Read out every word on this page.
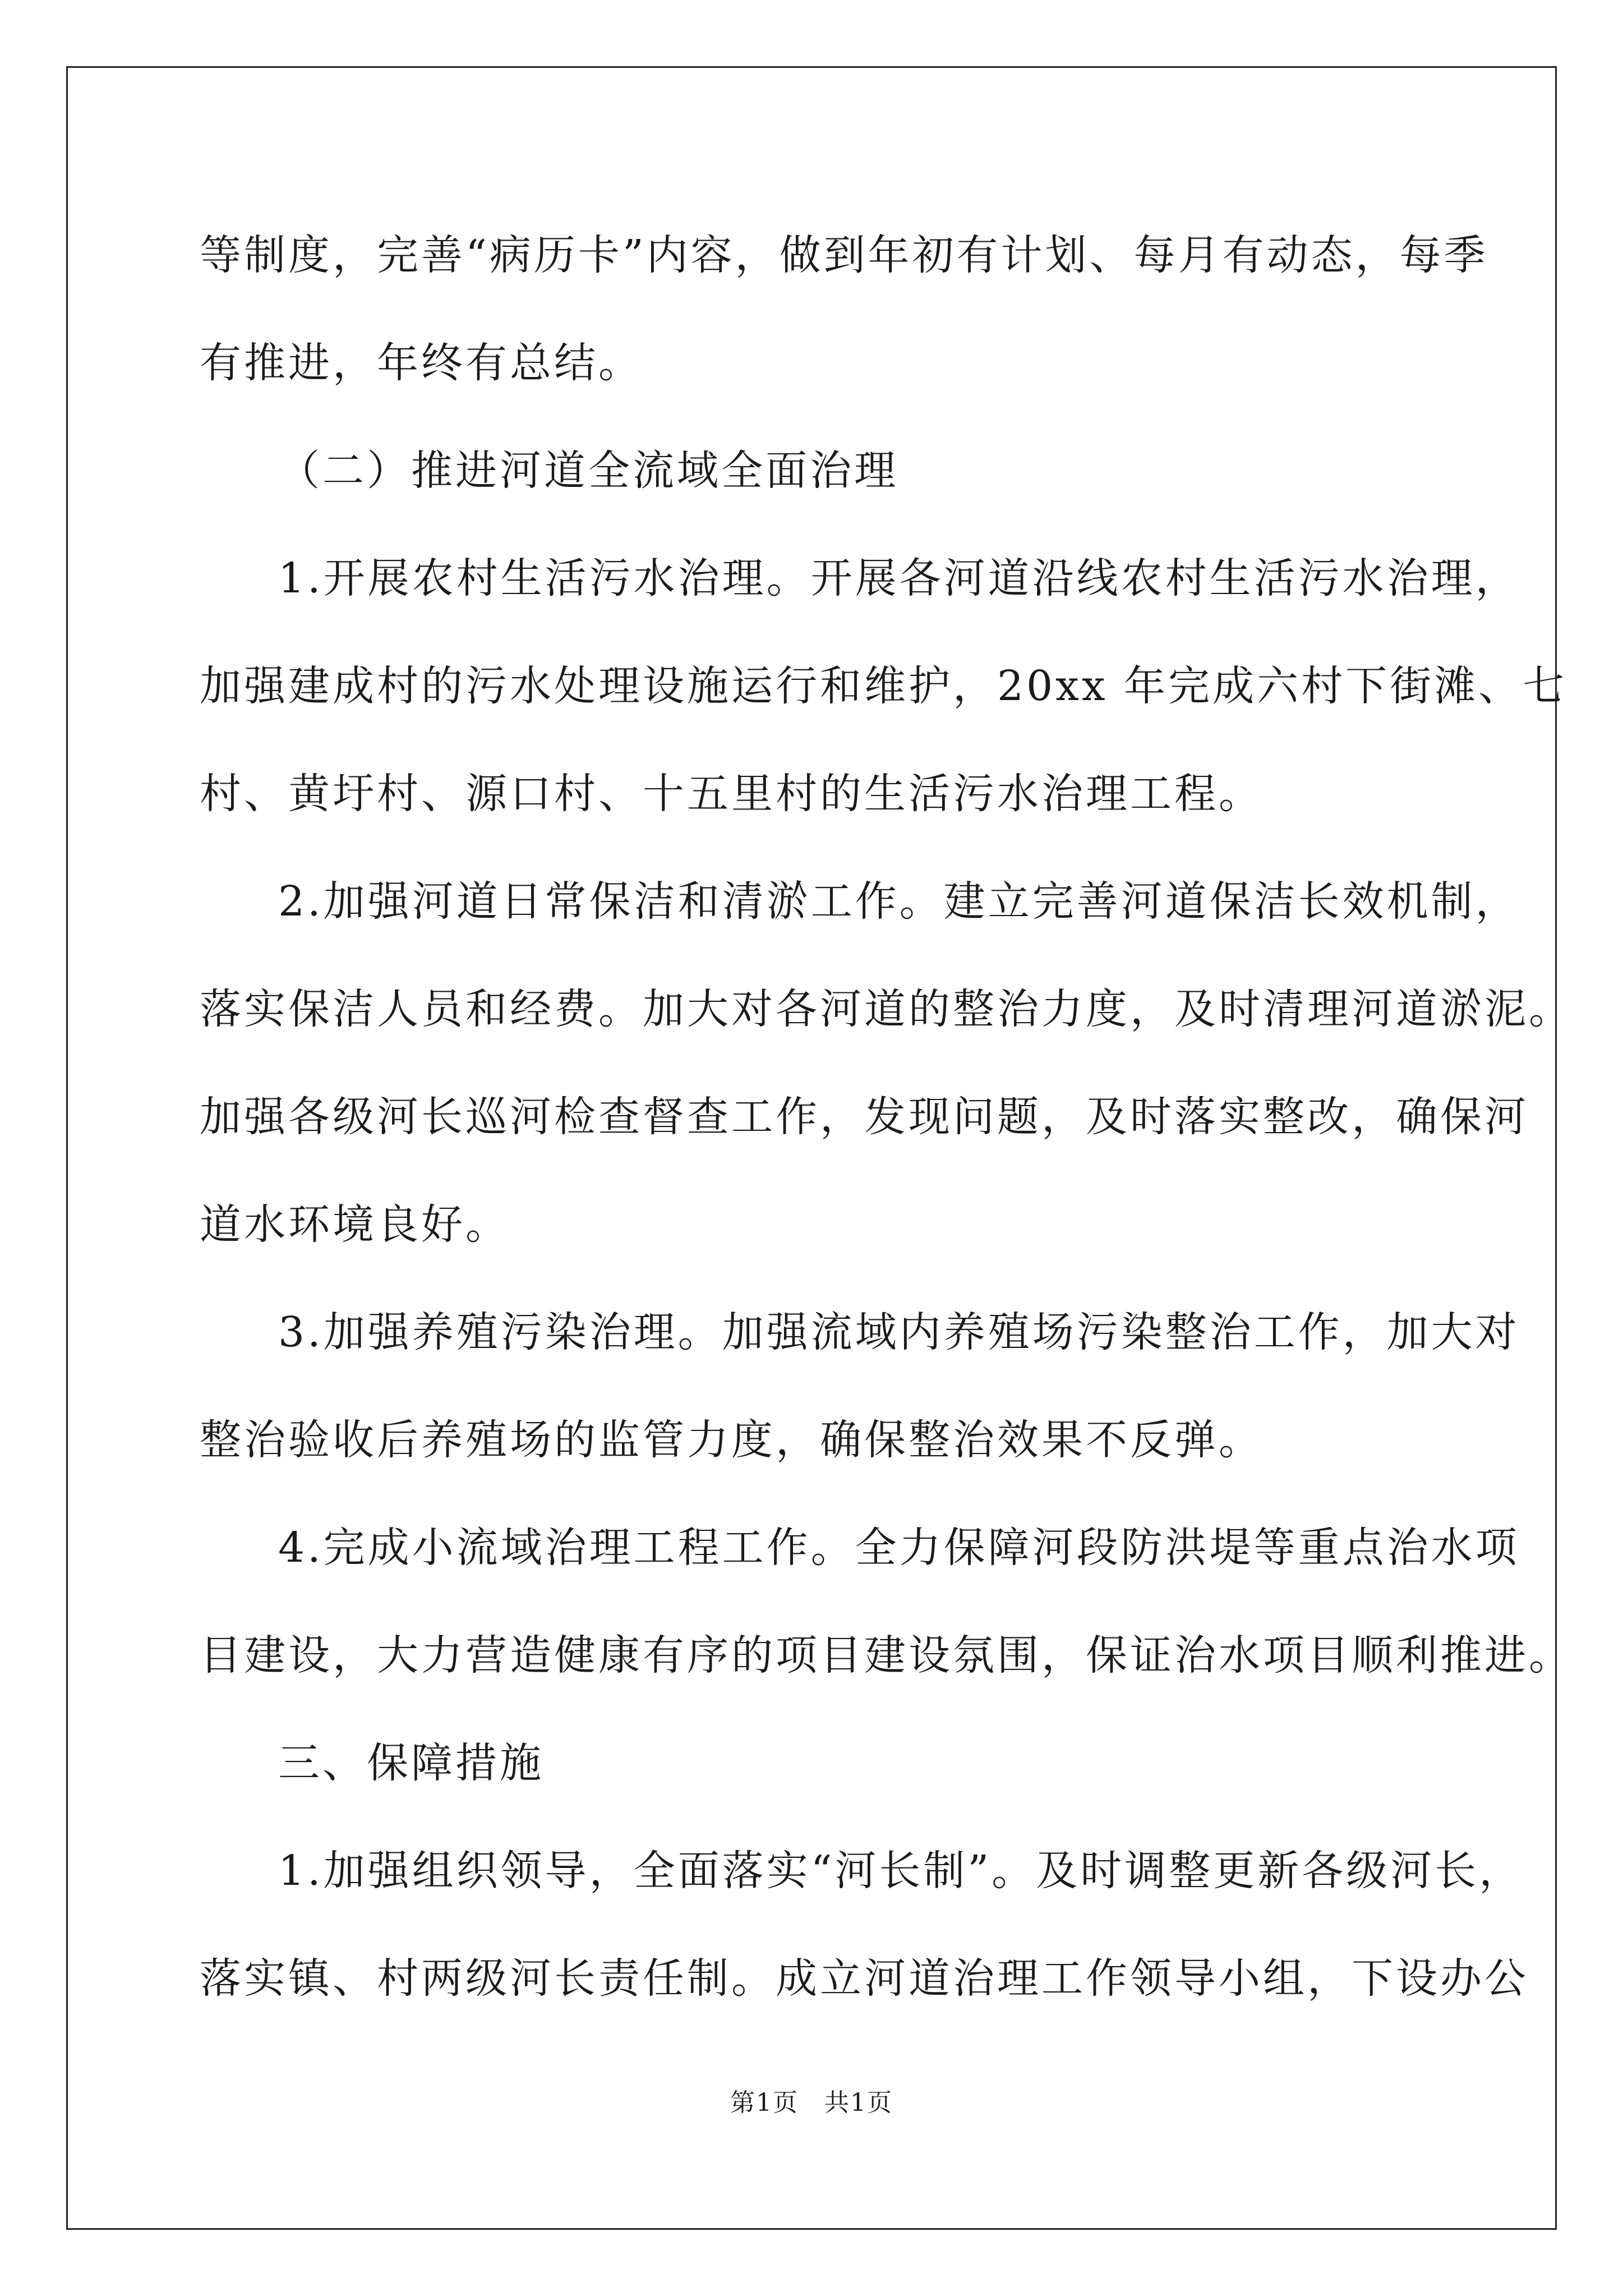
等制度，完善“病历卡”内容，做到年初有计划、每月有动态，每季
有推进，年终有总结。
（二）推进河道全流域全面治理
1.开展农村生活污水治理。开展各河道沿线农村生活污水治理，
加强建成村的污水处理设施运行和维护，20xx 年完成六村下街滩、七
村、黄圩村、源口村、十五里村的生活污水治理工程。
2.加强河道日常保洁和清淤工作。建立完善河道保洁长效机制，
落实保洁人员和经费。加大对各河道的整治力度，及时清理河道淤泥。
加强各级河长巡河检查督查工作，发现问题，及时落实整改，确保河
道水环境良好。
3.加强养殖污染治理。加强流域内养殖场污染整治工作，加大对
整治验收后养殖场的监管力度，确保整治效果不反弹。
4.完成小流域治理工程工作。全力保障河段防洪堤等重点治水项
目建设，大力营造健康有序的项目建设氛围，保证治水项目顺利推进。
三、保障措施
1.加强组织领导，全面落实“河长制”。及时调整更新各级河长，
落实镇、村两级河长责任制。成立河道治理工作领导小组，下设办公
第1页　共1页
